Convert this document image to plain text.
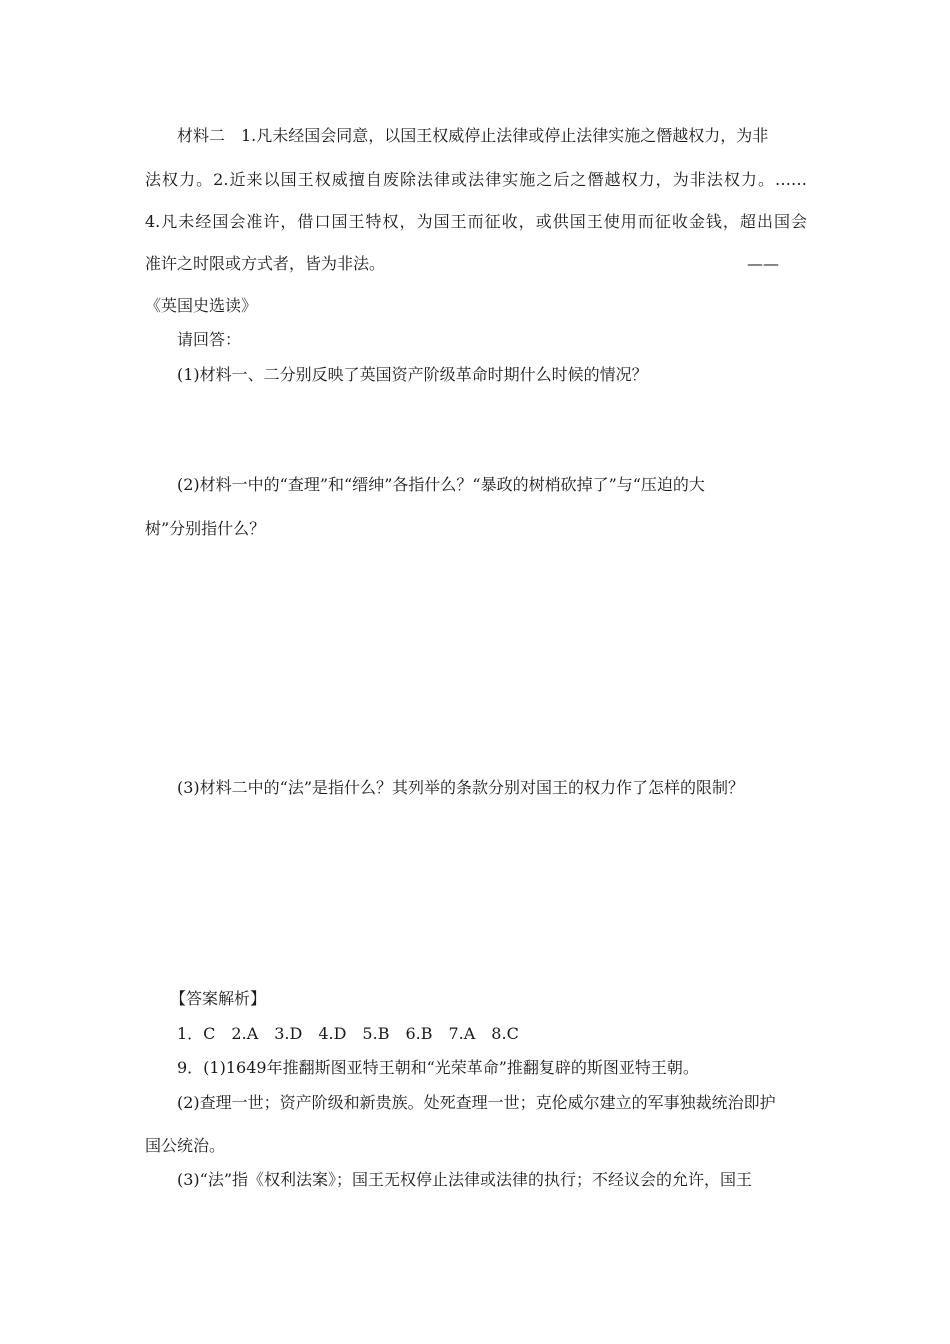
材料二　1.凡未经国会同意，以国王权威停止法律或停止法律实施之僭越权力，为非
法权力。2.近来以国王权威擅自废除法律或法律实施之后之僭越权力，为非法权力。……
4.凡未经国会准许，借口国王特权，为国王而征收，或供国王使用而征收金钱，超出国会
准许之时限或方式者，皆为非法。	——
《英国史选读》
请回答：
(1)材料一、二分别反映了英国资产阶级革命时期什么时候的情况？
(2)材料一中的“查理”和“缙绅”各指什么？“暴政的树梢砍掉了”与“压迫的大
树”分别指什么？
(3)材料二中的“法”是指什么？其列举的条款分别对国王的权力作了怎样的限制？
【答案解析】
1．C　2.A　3.D　4.D　5.B　6.B　7.A　8.C
9．(1)1649年推翻斯图亚特王朝和“光荣革命”推翻复辟的斯图亚特王朝。
(2)查理一世；资产阶级和新贵族。处死查理一世；克伦威尔建立的军事独裁统治即护
国公统治。
(3)“法”指《权利法案》；国王无权停止法律或法律的执行；不经议会的允许，国王
